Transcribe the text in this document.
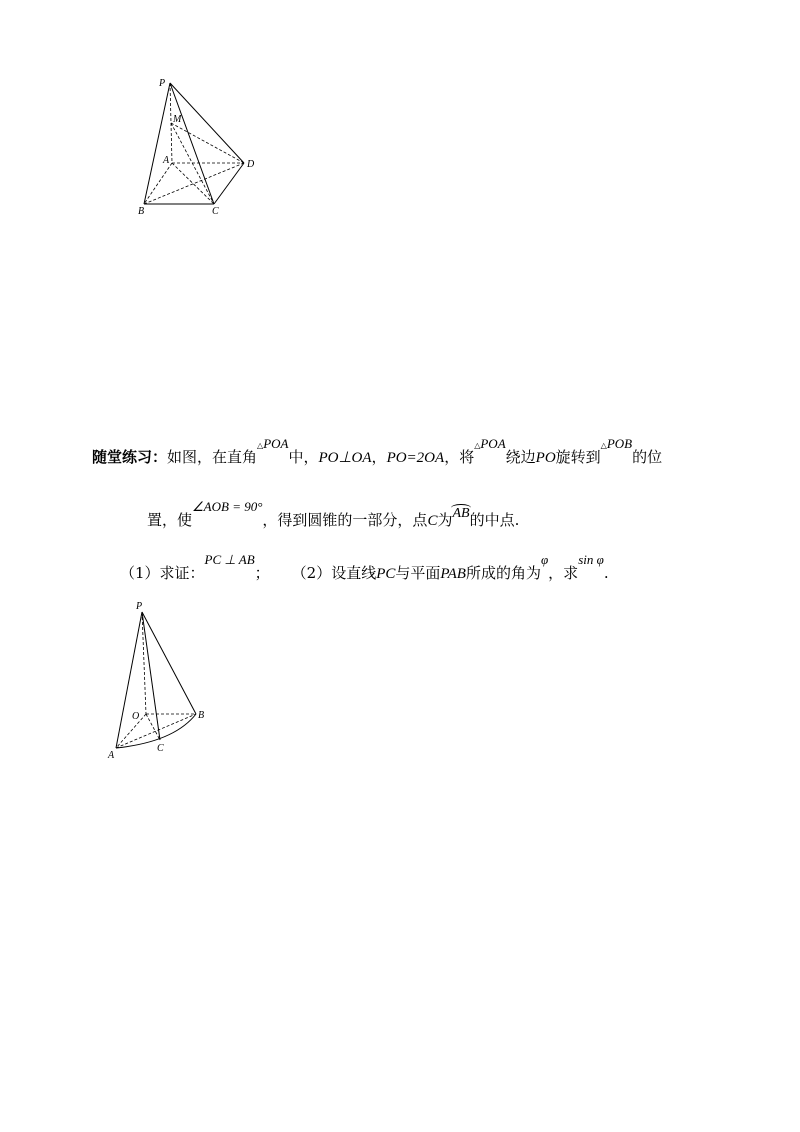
P
M
A	D
B	C
随堂练习：如图，在直角△POA中，PO⊥OA，PO=2OA，将△POA绕边PO旋转到△POB的位
置，使∠AOB = 90°，得到圆锥的一部分，点C为AB的中点.
（1）求证：PC ⊥ AB； （2）设直线PC与平面PAB所成的角为φ，求sin φ.
P
O	B
A
C
